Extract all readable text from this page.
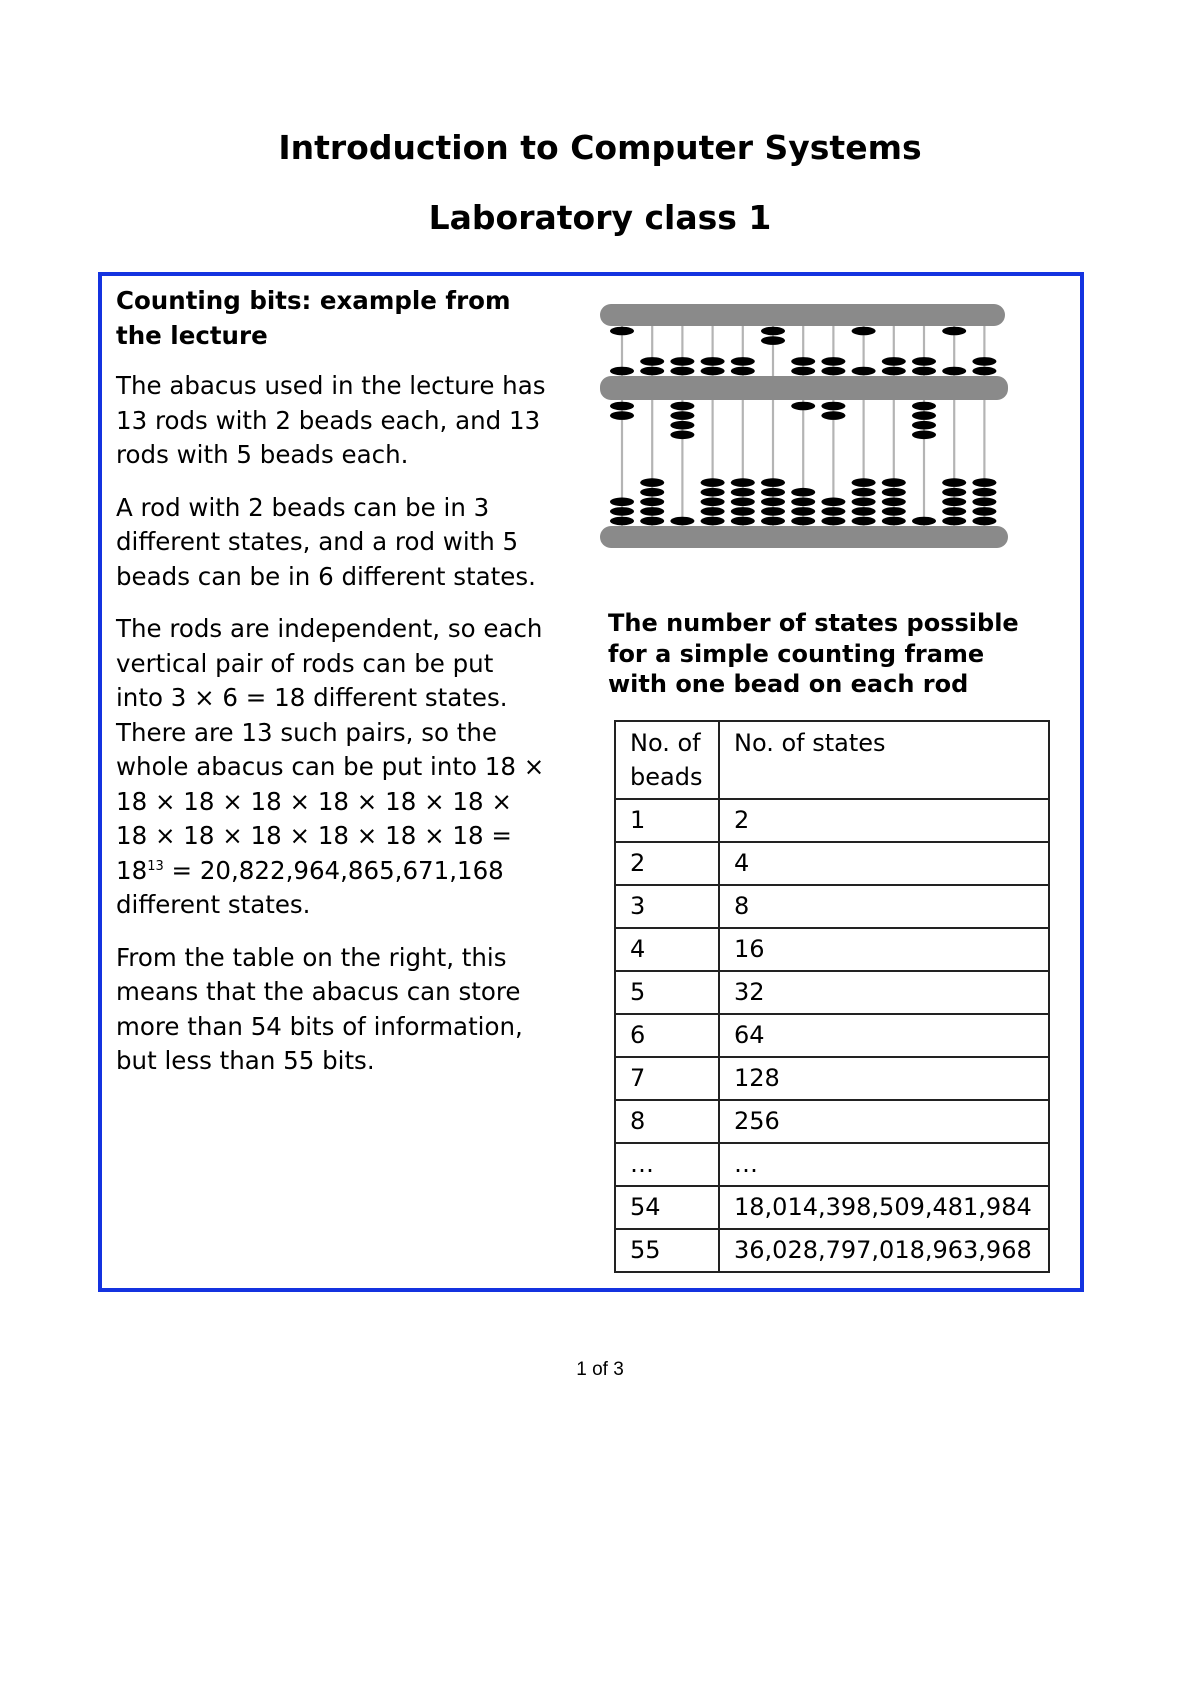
Introduction to Computer Systems
Laboratory class 1

Counting bits: example from the lecture

The abacus used in the lecture has 13 rods with 2 beads each, and 13 rods with 5 beads each.

A rod with 2 beads can be in 3 different states, and a rod with 5 beads can be in 6 different states.

The rods are independent, so each vertical pair of rods can be put into 3 × 6 = 18 different states. There are 13 such pairs, so the whole abacus can be put into $18 \times 18 \times 18 \times 18 \times 18 \times 18 \times 18 \times 18 \times 18 \times 18 \times 18 \times 18 \times 18 = 18^{13} = 20,822,964,865,671,168$ different states.

From the table on the right, this means that the abacus can store more than 54 bits of information, but less than 55 bits.

The number of states possible for a simple counting frame with one bead on each rod
No. of beads	No. of states
1	2
2	4
3	8
4	16
5	32
6	64
7	128
8	256
…	…
54	18,014,398,509,481,984
55	36,028,797,018,963,968
1 of 3
